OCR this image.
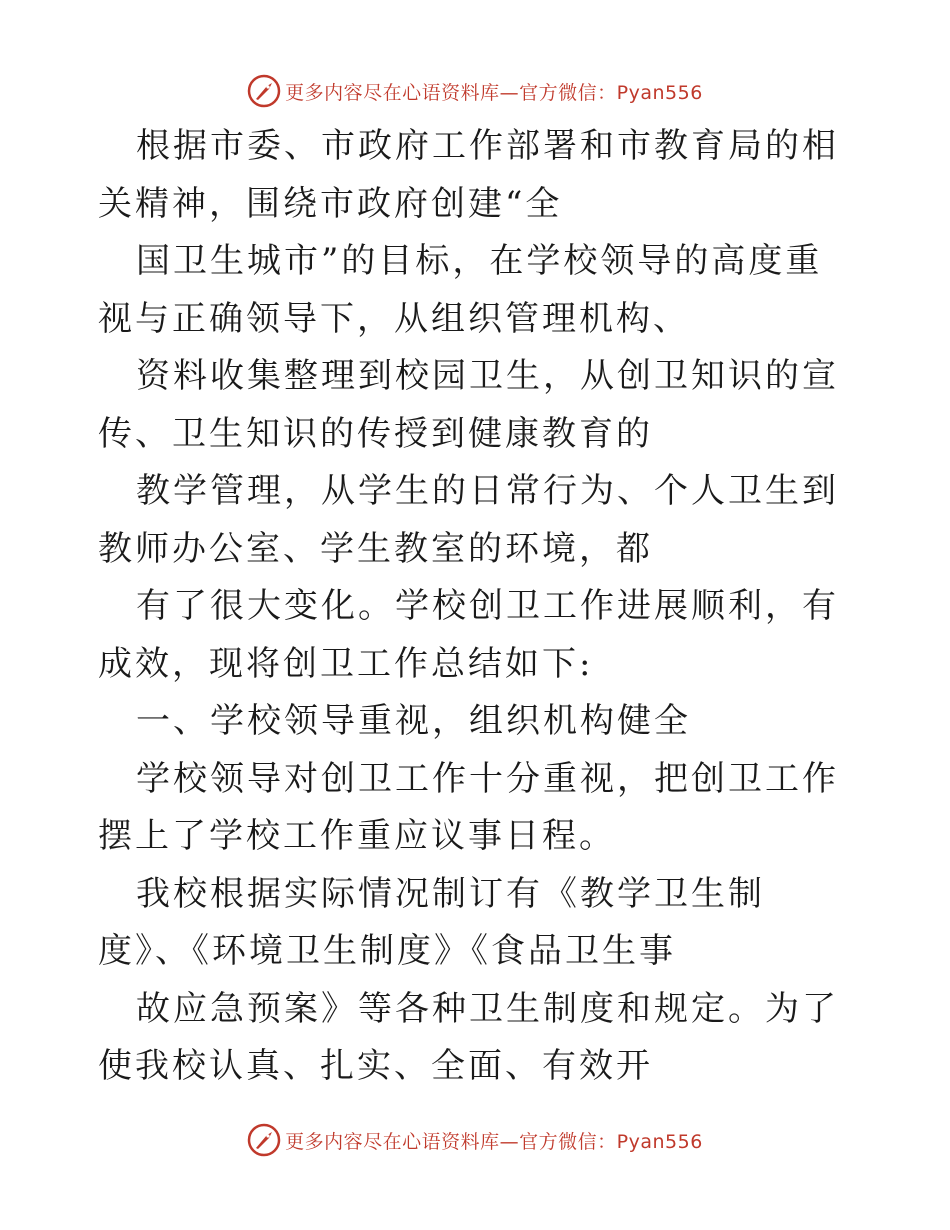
更多内容尽在心语资料库—官方微信：Pyan556

根据市委、市政府工作部署和市教育局的相关精神，围绕市政府创建“全

国卫生城市”的目标，在学校领导的高度重视与正确领导下，从组织管理机构、

资料收集整理到校园卫生，从创卫知识的宣传、卫生知识的传授到健康教育的

教学管理，从学生的日常行为、个人卫生到教师办公室、学生教室的环境，都

有了很大变化。学校创卫工作进展顺利，有成效，现将创卫工作总结如下:

一、学校领导重视，组织机构健全

学校领导对创卫工作十分重视，把创卫工作摆上了学校工作重应议事日程。

我校根据实际情况制订有《教学卫生制度》、《环境卫生制度》《食品卫生事

故应急预案》等各种卫生制度和规定。为了使我校认真、扎实、全面、有效开

更多内容尽在心语资料库—官方微信：Pyan556
